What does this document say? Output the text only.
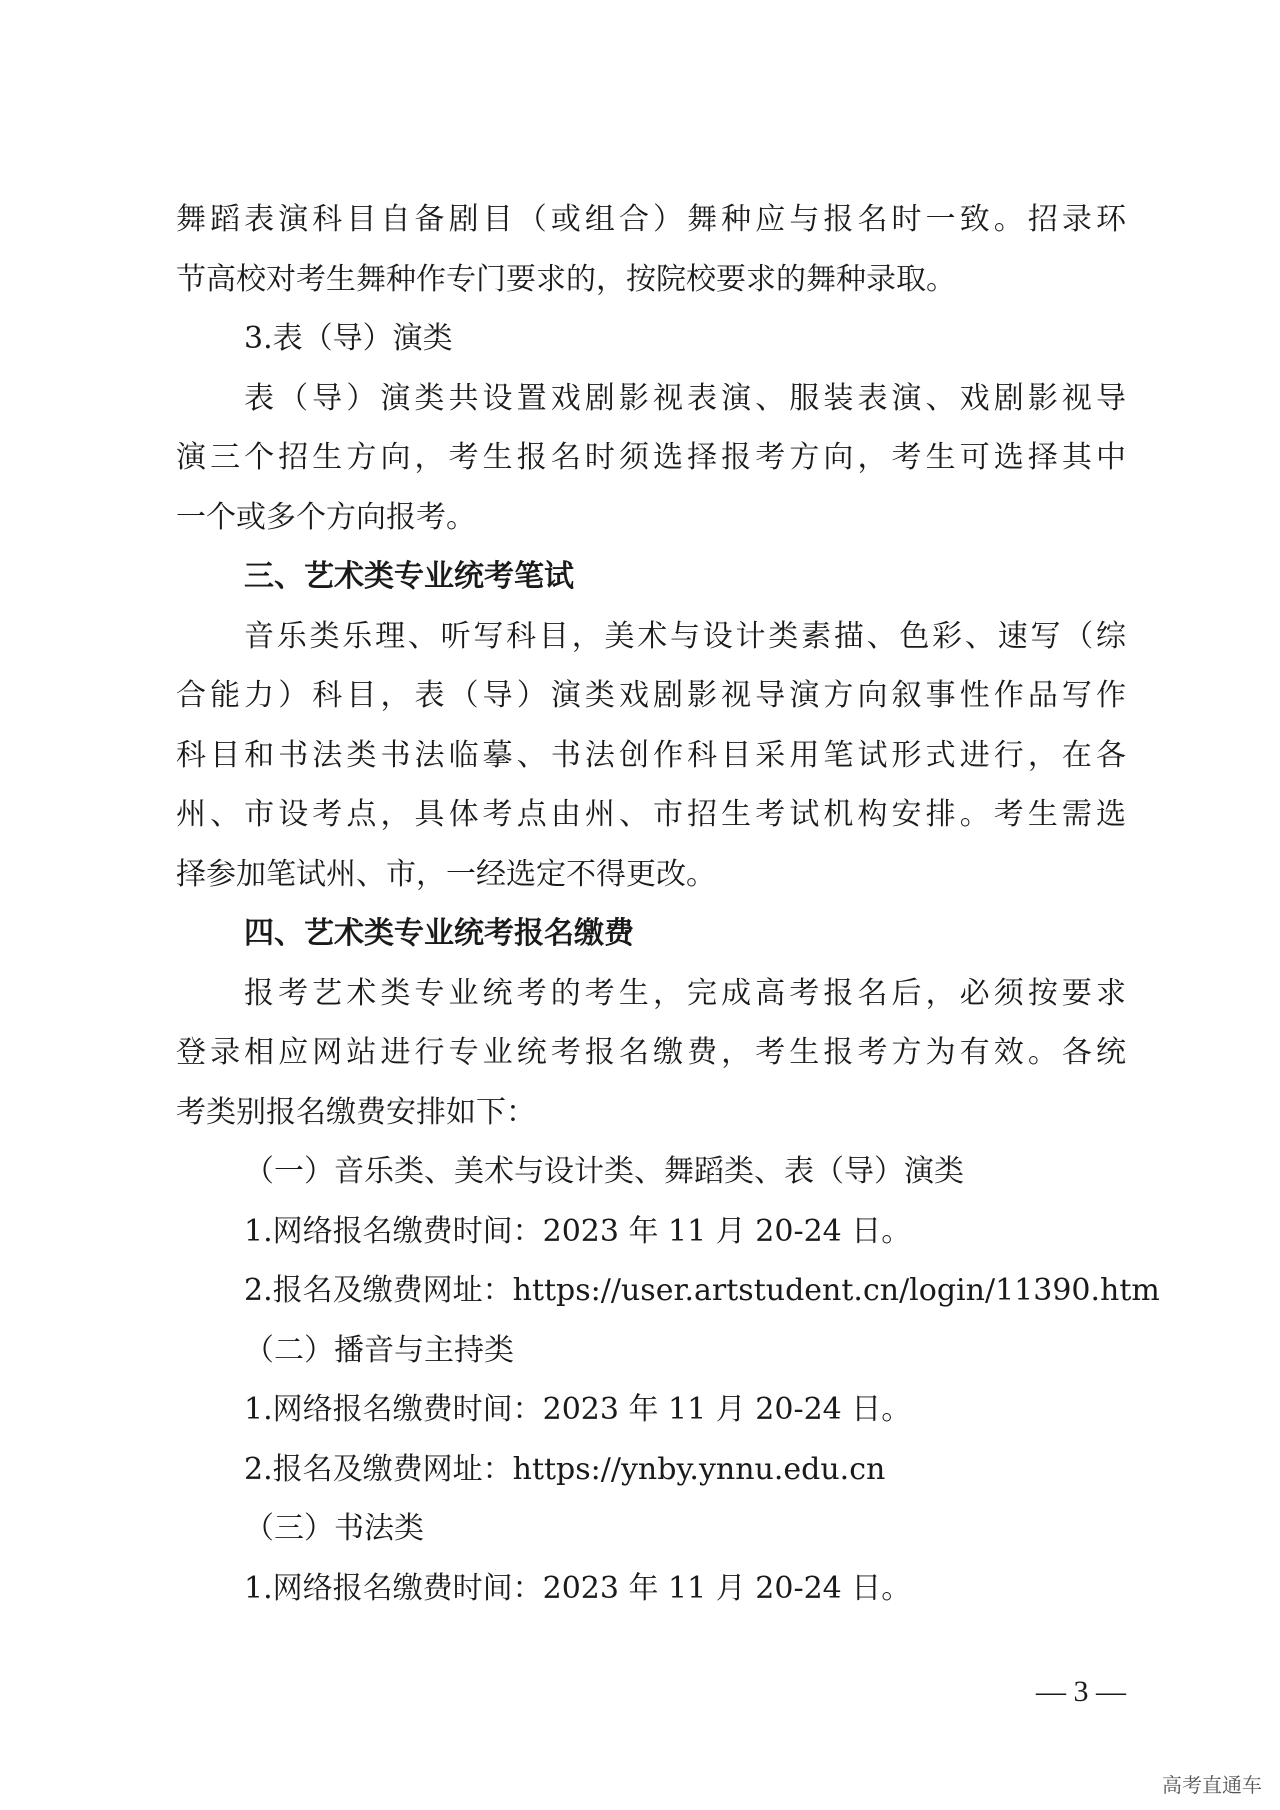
舞蹈表演科目自备剧目（或组合）舞种应与报名时一致。招录环
节高校对考生舞种作专门要求的，按院校要求的舞种录取。
3.表（导）演类
表（导）演类共设置戏剧影视表演、服装表演、戏剧影视导
演三个招生方向，考生报名时须选择报考方向，考生可选择其中
一个或多个方向报考。
三、艺术类专业统考笔试
音乐类乐理、听写科目，美术与设计类素描、色彩、速写（综
合能力）科目，表（导）演类戏剧影视导演方向叙事性作品写作
科目和书法类书法临摹、书法创作科目采用笔试形式进行，在各
州、市设考点，具体考点由州、市招生考试机构安排。考生需选
择参加笔试州、市，一经选定不得更改。
四、艺术类专业统考报名缴费
报考艺术类专业统考的考生，完成高考报名后，必须按要求
登录相应网站进行专业统考报名缴费，考生报考方为有效。各统
考类别报名缴费安排如下：
（一）音乐类、美术与设计类、舞蹈类、表（导）演类
1.网络报名缴费时间：2023 年 11 月 20-24 日。
2.报名及缴费网址：https://user.artstudent.cn/login/11390.htm
（二）播音与主持类
1.网络报名缴费时间：2023 年 11 月 20-24 日。
2.报名及缴费网址：https://ynby.ynnu.edu.cn
（三）书法类
1.网络报名缴费时间：2023 年 11 月 20-24 日。
— 3 —
高考直通车
